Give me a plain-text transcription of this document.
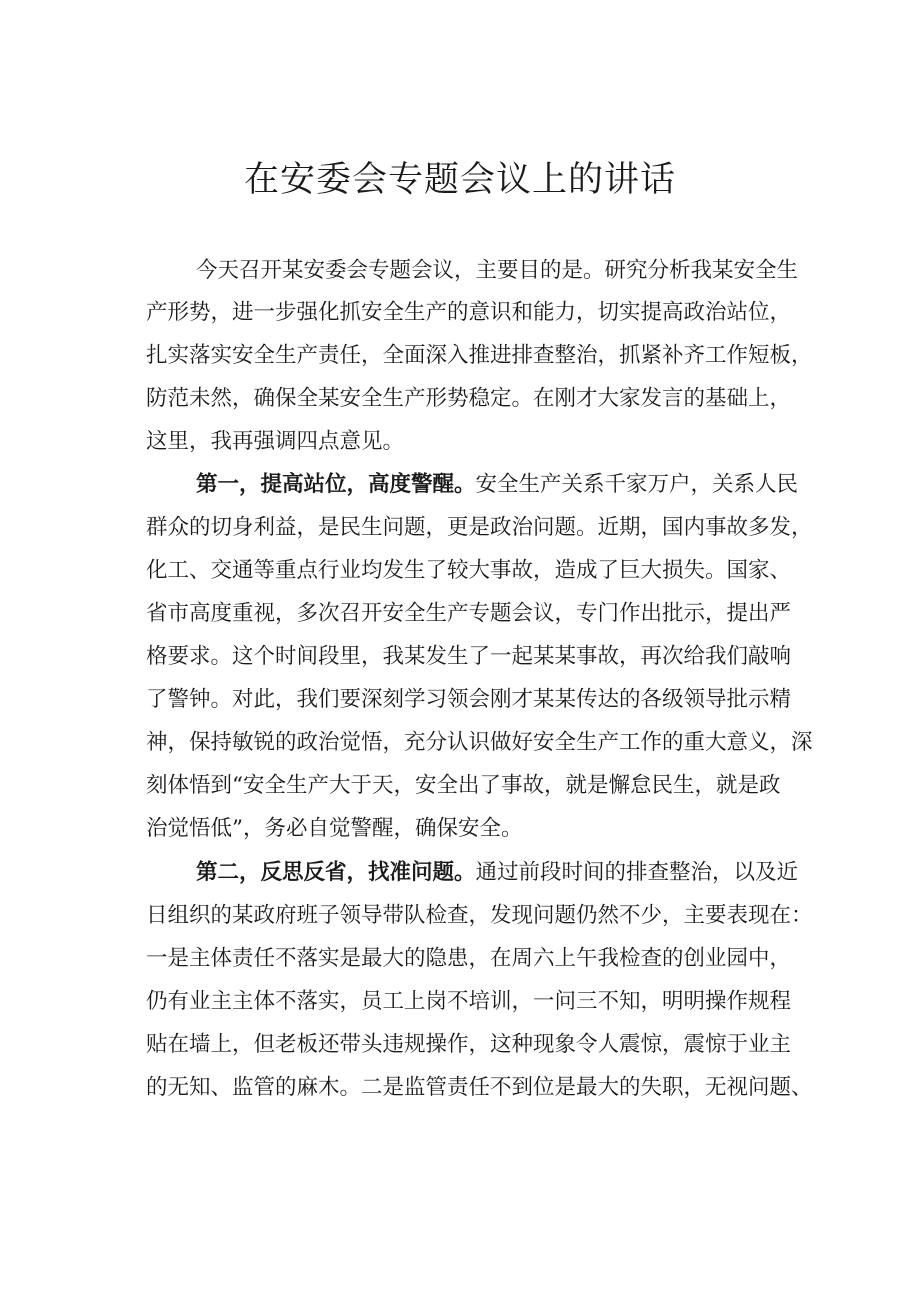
在安委会专题会议上的讲话

今天召开某安委会专题会议，主要目的是。研究分析我某安全生

产形势，进一步强化抓安全生产的意识和能力，切实提高政治站位，

扎实落实安全生产责任，全面深入推进排查整治，抓紧补齐工作短板，

防范未然，确保全某安全生产形势稳定。在刚才大家发言的基础上，

这里，我再强调四点意见。

第一，提高站位，高度警醒。安全生产关系千家万户，关系人民

群众的切身利益，是民生问题，更是政治问题。近期，国内事故多发，

化工、交通等重点行业均发生了较大事故，造成了巨大损失。国家、

省市高度重视，多次召开安全生产专题会议，专门作出批示，提出严

格要求。这个时间段里，我某发生了一起某某事故，再次给我们敲响

了警钟。对此，我们要深刻学习领会刚才某某传达的各级领导批示精

神，保持敏锐的政治觉悟，充分认识做好安全生产工作的重大意义，深

刻体悟到“安全生产大于天，安全出了事故，就是懈怠民生，就是政

治觉悟低”，务必自觉警醒，确保安全。

第二，反思反省，找准问题。通过前段时间的排查整治，以及近

日组织的某政府班子领导带队检查，发现问题仍然不少，主要表现在：

一是主体责任不落实是最大的隐患，在周六上午我检查的创业园中，

仍有业主主体不落实，员工上岗不培训，一问三不知，明明操作规程

贴在墙上，但老板还带头违规操作，这种现象令人震惊，震惊于业主

的无知、监管的麻木。二是监管责任不到位是最大的失职，无视问题、
